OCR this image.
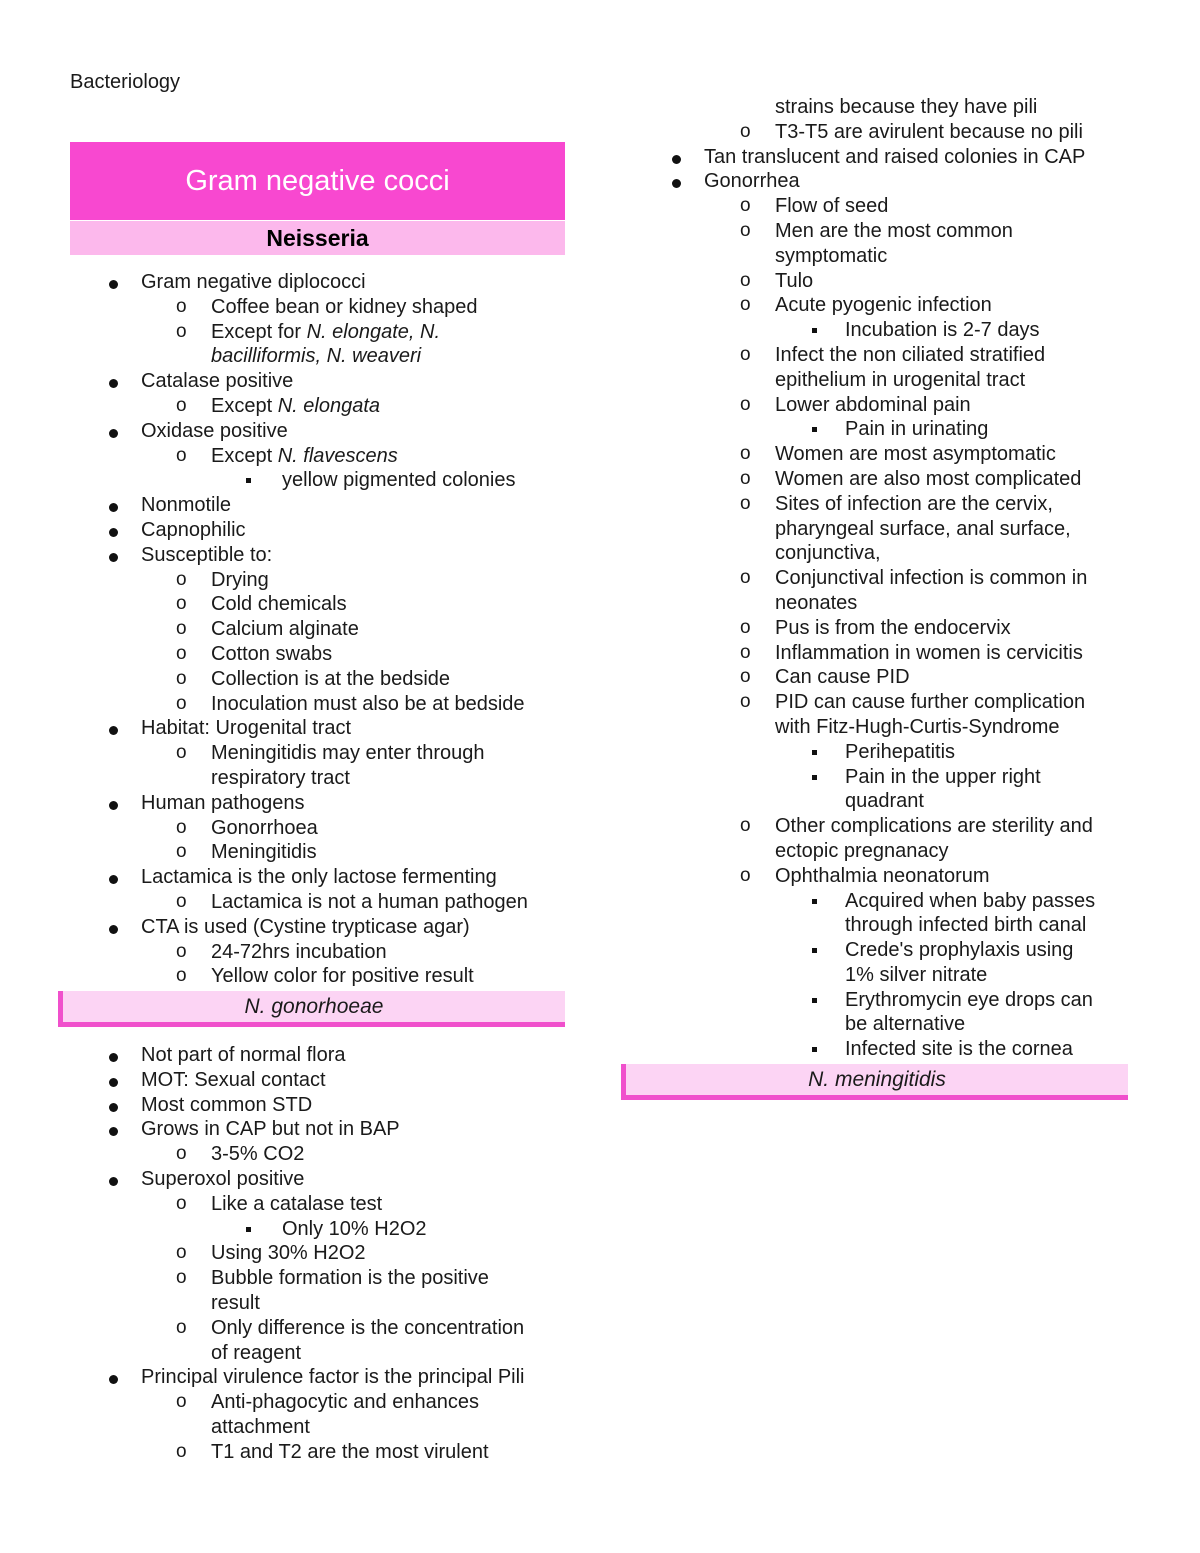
Bacteriology
Gram negative cocci
Neisseria
Gram negative diplococci
o Coffee bean or kidney shaped
o Except for N. elongate, N.
bacilliformis, N. weaveri
Catalase positive
o Except N. elongata
Oxidase positive
o Except N. flavescens
yellow pigmented colonies
Nonmotile
Capnophilic
Susceptible to:
o Drying
o Cold chemicals
o Calcium alginate
o Cotton swabs
o Collection is at the bedside
o Inoculation must also be at bedside
Habitat: Urogenital tract
o Meningitidis may enter through
respiratory tract
Human pathogens
o Gonorrhoea
o Meningitidis
Lactamica is the only lactose fermenting
o Lactamica is not a human pathogen
CTA is used (Cystine trypticase agar)
o 24-72hrs incubation
o Yellow color for positive result
N. gonorhoeae
Not part of normal flora
MOT: Sexual contact
Most common STD
Grows in CAP but not in BAP
o 3-5% CO2
Superoxol positive
o Like a catalase test
Only 10% H2O2
o Using 30% H2O2
o Bubble formation is the positive
result
o Only difference is the concentration
of reagent
Principal virulence factor is the principal Pili
o Anti-phagocytic and enhances
attachment
o T1 and T2 are the most virulent
strains because they have pili
o T3-T5 are avirulent because no pili
Tan translucent and raised colonies in CAP
Gonorrhea
o Flow of seed
o Men are the most common
symptomatic
o Tulo
o Acute pyogenic infection
Incubation is 2-7 days
o Infect the non ciliated stratified
epithelium in urogenital tract
o Lower abdominal pain
Pain in urinating
o Women are most asymptomatic
o Women are also most complicated
o Sites of infection are the cervix,
pharyngeal surface, anal surface,
conjunctiva,
o Conjunctival infection is common in
neonates
o Pus is from the endocervix
o Inflammation in women is cervicitis
o Can cause PID
o PID can cause further complication
with Fitz-Hugh-Curtis-Syndrome
Perihepatitis
Pain in the upper right
quadrant
o Other complications are sterility and
ectopic pregnanacy
o Ophthalmia neonatorum
Acquired when baby passes
through infected birth canal
Crede's prophylaxis using
1% silver nitrate
Erythromycin eye drops can
be alternative
Infected site is the cornea
N. meningitidis
